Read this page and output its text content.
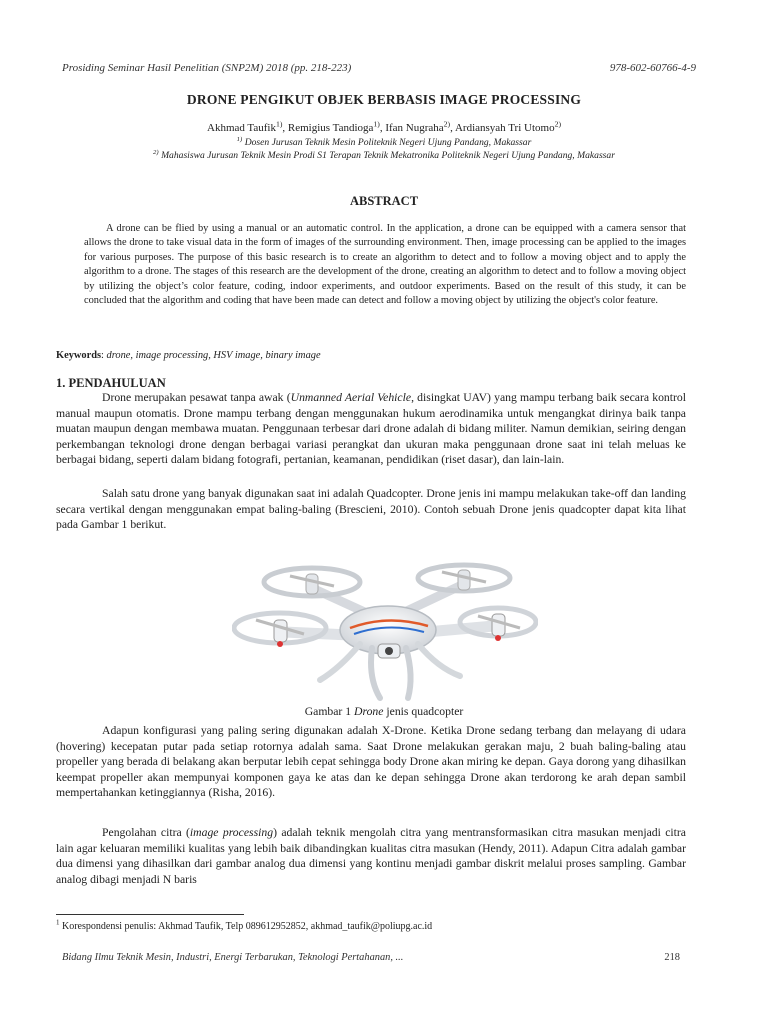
Prosiding Seminar Hasil Penelitian (SNP2M) 2018 (pp. 218-223)	978-602-60766-4-9
DRONE PENGIKUT OBJEK BERBASIS IMAGE PROCESSING
Akhmad Taufik$^{1)}$, Remigius Tandioga$^{1)}$, Ifan Nugraha$^{2)}$, Ardiansyah Tri Utomo$^{2)}$
$^{1)}$ Dosen Jurusan Teknik Mesin Politeknik Negeri Ujung Pandang, Makassar
$^{2)}$ Mahasiswa Jurusan Teknik Mesin Prodi S1 Terapan Teknik Mekatronika Politeknik Negeri Ujung Pandang, Makassar
ABSTRACT
A drone can be flied by using a manual or an automatic control. In the application, a drone can be equipped with a camera sensor that allows the drone to take visual data in the form of images of the surrounding environment. Then, image processing can be applied to the images for various purposes. The purpose of this basic research is to create an algorithm to detect and to follow a moving object and to apply the algorithm to a drone. The stages of this research are the development of the drone, creating an algorithm to detect and to follow a moving object by utilizing the object’s color feature, coding, indoor experiments, and outdoor experiments. Based on the result of this study, it can be concluded that the algorithm and coding that have been made can detect and follow a moving object by utilizing the object's color feature.
Keywords: drone, image processing, HSV image, binary image
1. PENDAHULUAN
Drone merupakan pesawat tanpa awak (Unmanned Aerial Vehicle, disingkat UAV) yang mampu terbang baik secara kontrol manual maupun otomatis. Drone mampu terbang dengan menggunakan hukum aerodinamika untuk mengangkat dirinya baik tanpa muatan maupun dengan membawa muatan. Penggunaan terbesar dari drone adalah di bidang militer. Namun demikian, seiring dengan perkembangan teknologi drone dengan berbagai variasi perangkat dan ukuran maka penggunaan drone saat ini telah meluas ke berbagai bidang, seperti dalam bidang fotografi, pertanian, keamanan, pendidikan (riset dasar), dan lain-lain.
Salah satu drone yang banyak digunakan saat ini adalah Quadcopter. Drone jenis ini mampu melakukan take-off dan landing secara vertikal dengan menggunakan empat baling-baling (Brescieni, 2010). Contoh sebuah Drone jenis quadcopter dapat kita lihat pada Gambar 1 berikut.
Gambar 1 Drone jenis quadcopter
Adapun konfigurasi yang paling sering digunakan adalah X-Drone. Ketika Drone sedang terbang dan melayang di udara (hovering) kecepatan putar pada setiap rotornya adalah sama. Saat Drone melakukan gerakan maju, 2 buah baling-baling atau propeller yang berada di belakang akan berputar lebih cepat sehingga body Drone akan miring ke depan. Gaya dorong yang dihasilkan keempat propeller akan mempunyai komponen gaya ke atas dan ke depan sehingga Drone akan terdorong ke arah depan sambil mempertahankan ketinggiannya (Risha, 2016).
Pengolahan citra (image processing) adalah teknik mengolah citra yang mentransformasikan citra masukan menjadi citra lain agar keluaran memiliki kualitas yang lebih baik dibandingkan kualitas citra masukan (Hendy, 2011). Adapun Citra adalah gambar dua dimensi yang dihasilkan dari gambar analog dua dimensi yang kontinu menjadi gambar diskrit melalui proses sampling. Gambar analog dibagi menjadi N baris
$^1$ Korespondensi penulis: Akhmad Taufik, Telp 089612952852, akhmad_taufik@poliupg.ac.id
Bidang Ilmu Teknik Mesin, Industri, Energi Terbarukan, Teknologi Pertahanan, ...	218
